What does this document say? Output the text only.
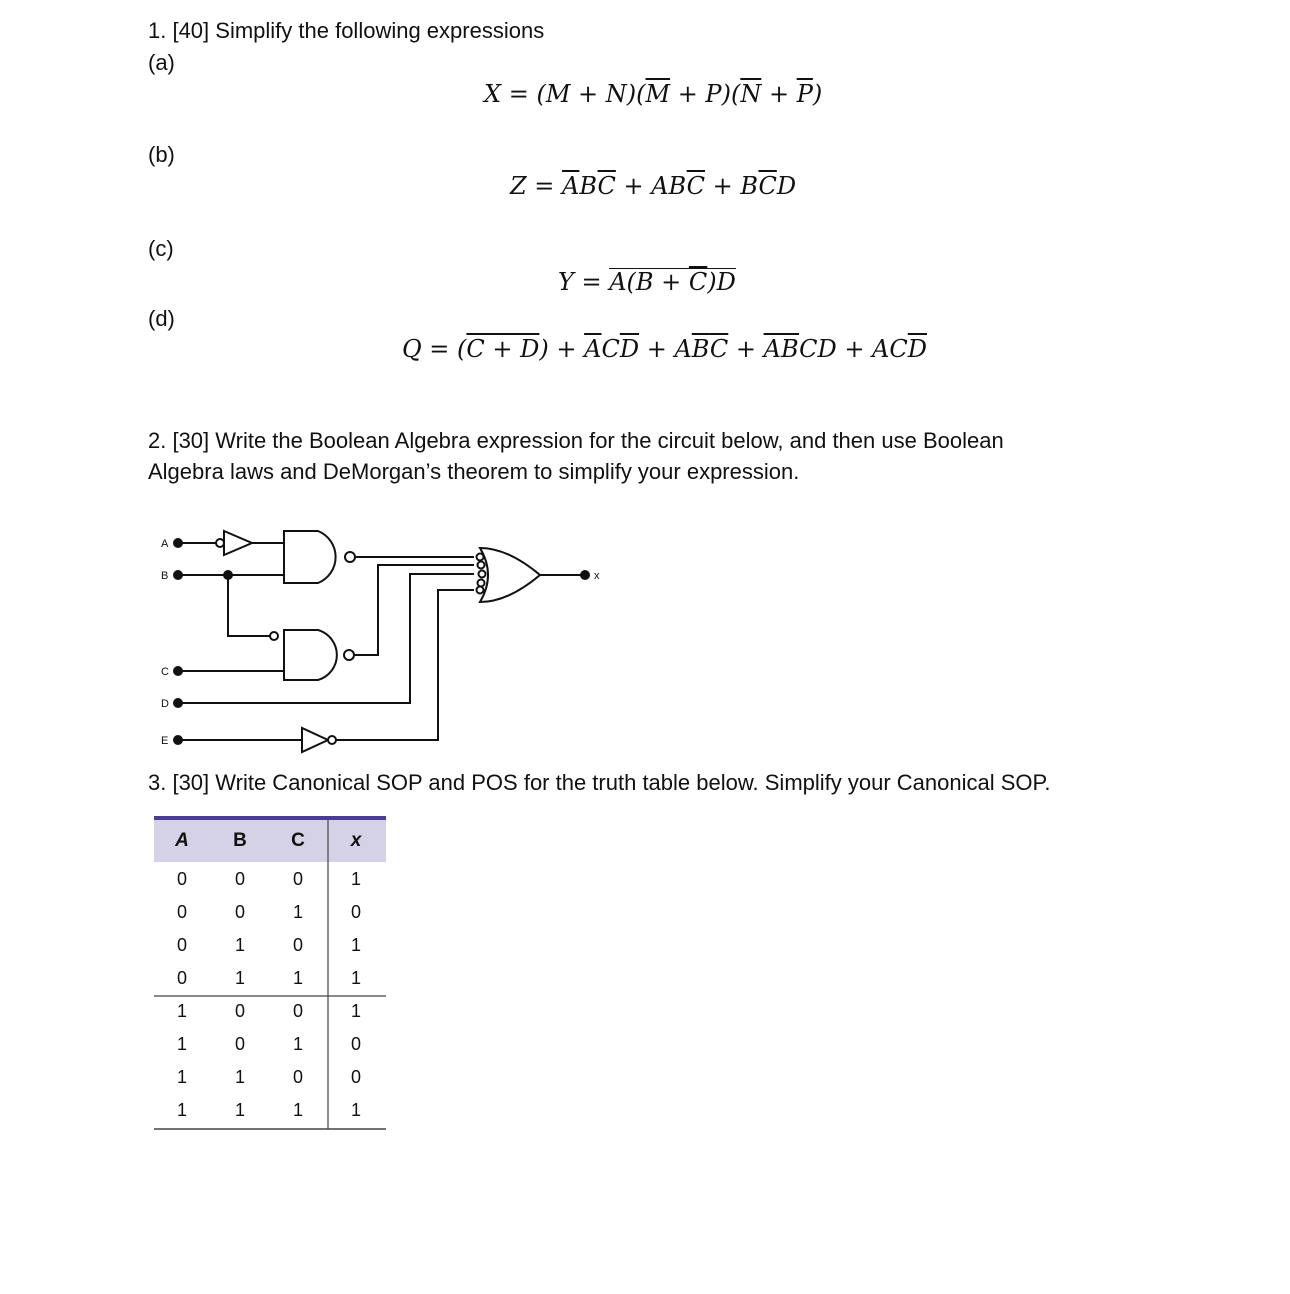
1. [40] Simplify the following expressions
(a)
$X = (M + N)(\overline{M} + P)(\overline{N} + \overline{P})$
(b)
$Z = \overline{A}B\overline{C} + AB\overline{C} + B\overline{C}D$
(c)
$Y = A(B + \overline{C})D$
(d)
$Q = (C + D) + \overline{A}C\overline{D} + A\overline{B}\overline{C} + \overline{A}\overline{B}CD + AC\overline{D}$
2. [30] Write the Boolean Algebra expression for the circuit below, and then use Boolean
Algebra laws and DeMorgan’s theorem to simplify your expression.
A
B
C
D
E
x
3. [30] Write Canonical SOP and POS for the truth table below. Simplify your Canonical SOP.
A	B	C	x
0	0	0	1
0	0	1	0
0	1	0	1
0	1	1	1
1	0	0	1
1	0	1	0
1	1	0	0
1	1	1	1
